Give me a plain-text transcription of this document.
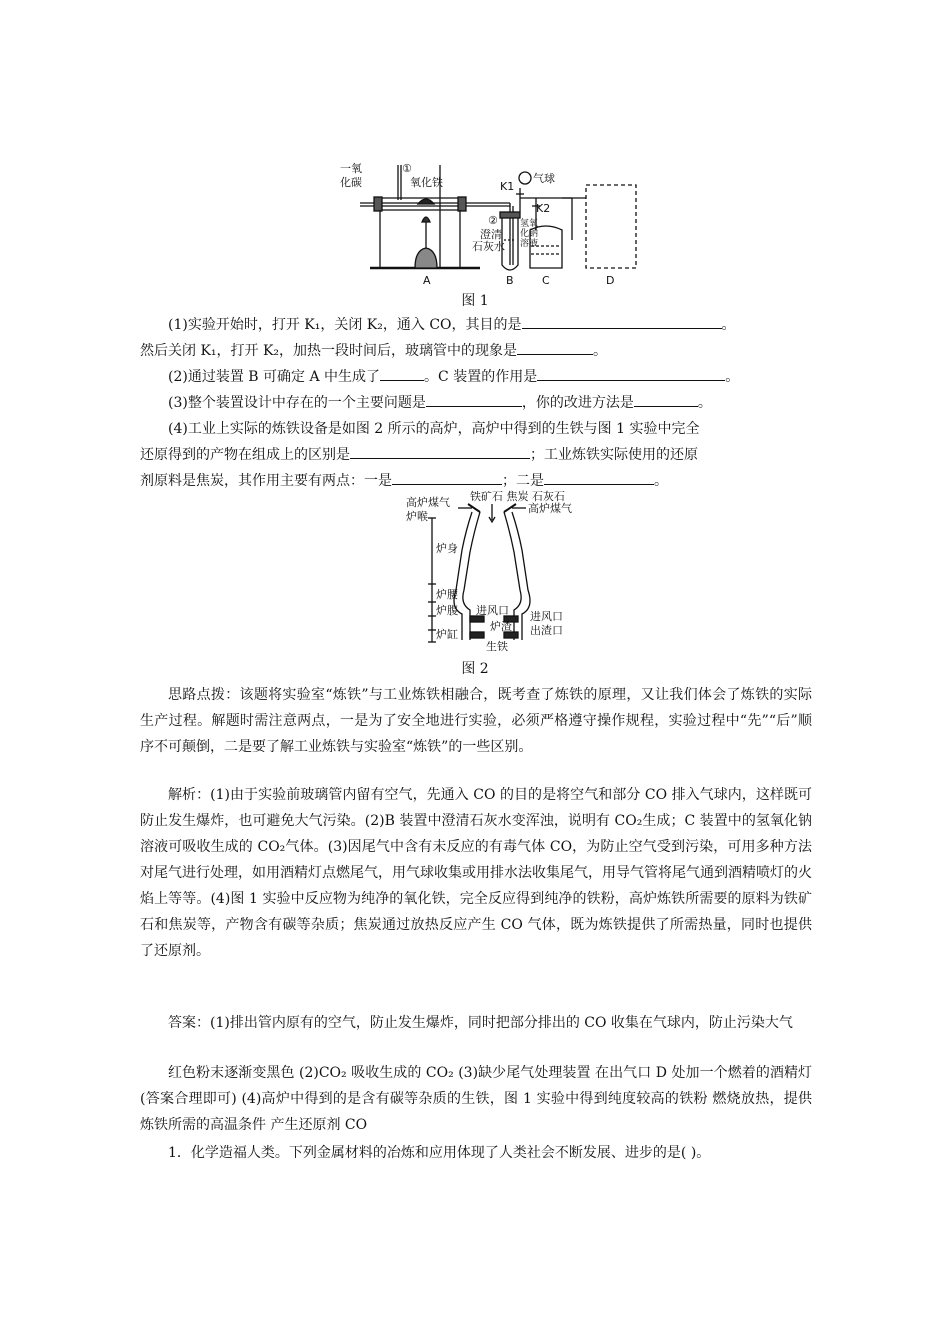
一氧
化碳
①
氧化铁	K1
气球
K2
②
澄清
石灰水
氢氧
化钠
溶液
A	B	C	D
图 1

(1)实验开始时，打开 K₁，关闭 K₂，通入 CO，其目的是	。
然后关闭 K₁，打开 K₂，加热一段时间后，玻璃管中的现象是	。

(2)通过装置 B 可确定 A 中生成了	。C 装置的作用是	。

(3)整个装置设计中存在的一个主要问题是	，你的改进方法是	。

(4)工业上实际的炼铁设备是如图 2 所示的高炉，高炉中得到的生铁与图 1 实验中完全
还原得到的产物在组成上的区别是	；工业炼铁实际使用的还原
剂原料是焦炭，其作用主要有两点：一是	；二是	。

铁矿石 焦炭 石灰石
高炉煤气	高炉煤气
炉喉
炉身
炉腰
炉腹
炉缸
进风口 进风口
炉渣 出渣口
生铁
图 2

思路点拨：该题将实验室“炼铁”与工业炼铁相融合，既考查了炼铁的原理，又让我们体会了炼铁的实际生产过程。解题时需注意两点，一是为了安全地进行实验，必须严格遵守操作规程，实验过程中“先”“后”顺序不可颠倒，二是要了解工业炼铁与实验室“炼铁”的一些区别。

解析：(1)由于实验前玻璃管内留有空气，先通入 CO 的目的是将空气和部分 CO 排入气球内，这样既可防止发生爆炸，也可避免大气污染。(2)B 装置中澄清石灰水变浑浊，说明有 CO₂生成；C 装置中的氢氧化钠溶液可吸收生成的 CO₂气体。(3)因尾气中含有未反应的有毒气体 CO，为防止空气受到污染，可用多种方法对尾气进行处理，如用酒精灯点燃尾气，用气球收集或用排水法收集尾气，用导气管将尾气通到酒精喷灯的火焰上等等。(4)图 1 实验中反应物为纯净的氧化铁，完全反应得到纯净的铁粉，高炉炼铁所需要的原料为铁矿石和焦炭等，产物含有碳等杂质；焦炭通过放热反应产生 CO 气体，既为炼铁提供了所需热量，同时也提供了还原剂。

答案：(1)排出管内原有的空气，防止发生爆炸，同时把部分排出的 CO 收集在气球内，防止污染大气

红色粉末逐渐变黑色 (2)CO₂ 吸收生成的 CO₂ (3)缺少尾气处理装置 在出气口 D 处加一个燃着的酒精灯(答案合理即可) (4)高炉中得到的是含有碳等杂质的生铁，图 1 实验中得到纯度较高的铁粉 燃烧放热，提供炼铁所需的高温条件 产生还原剂 CO

1．化学造福人类。下列金属材料的冶炼和应用体现了人类社会不断发展、进步的是( )。
